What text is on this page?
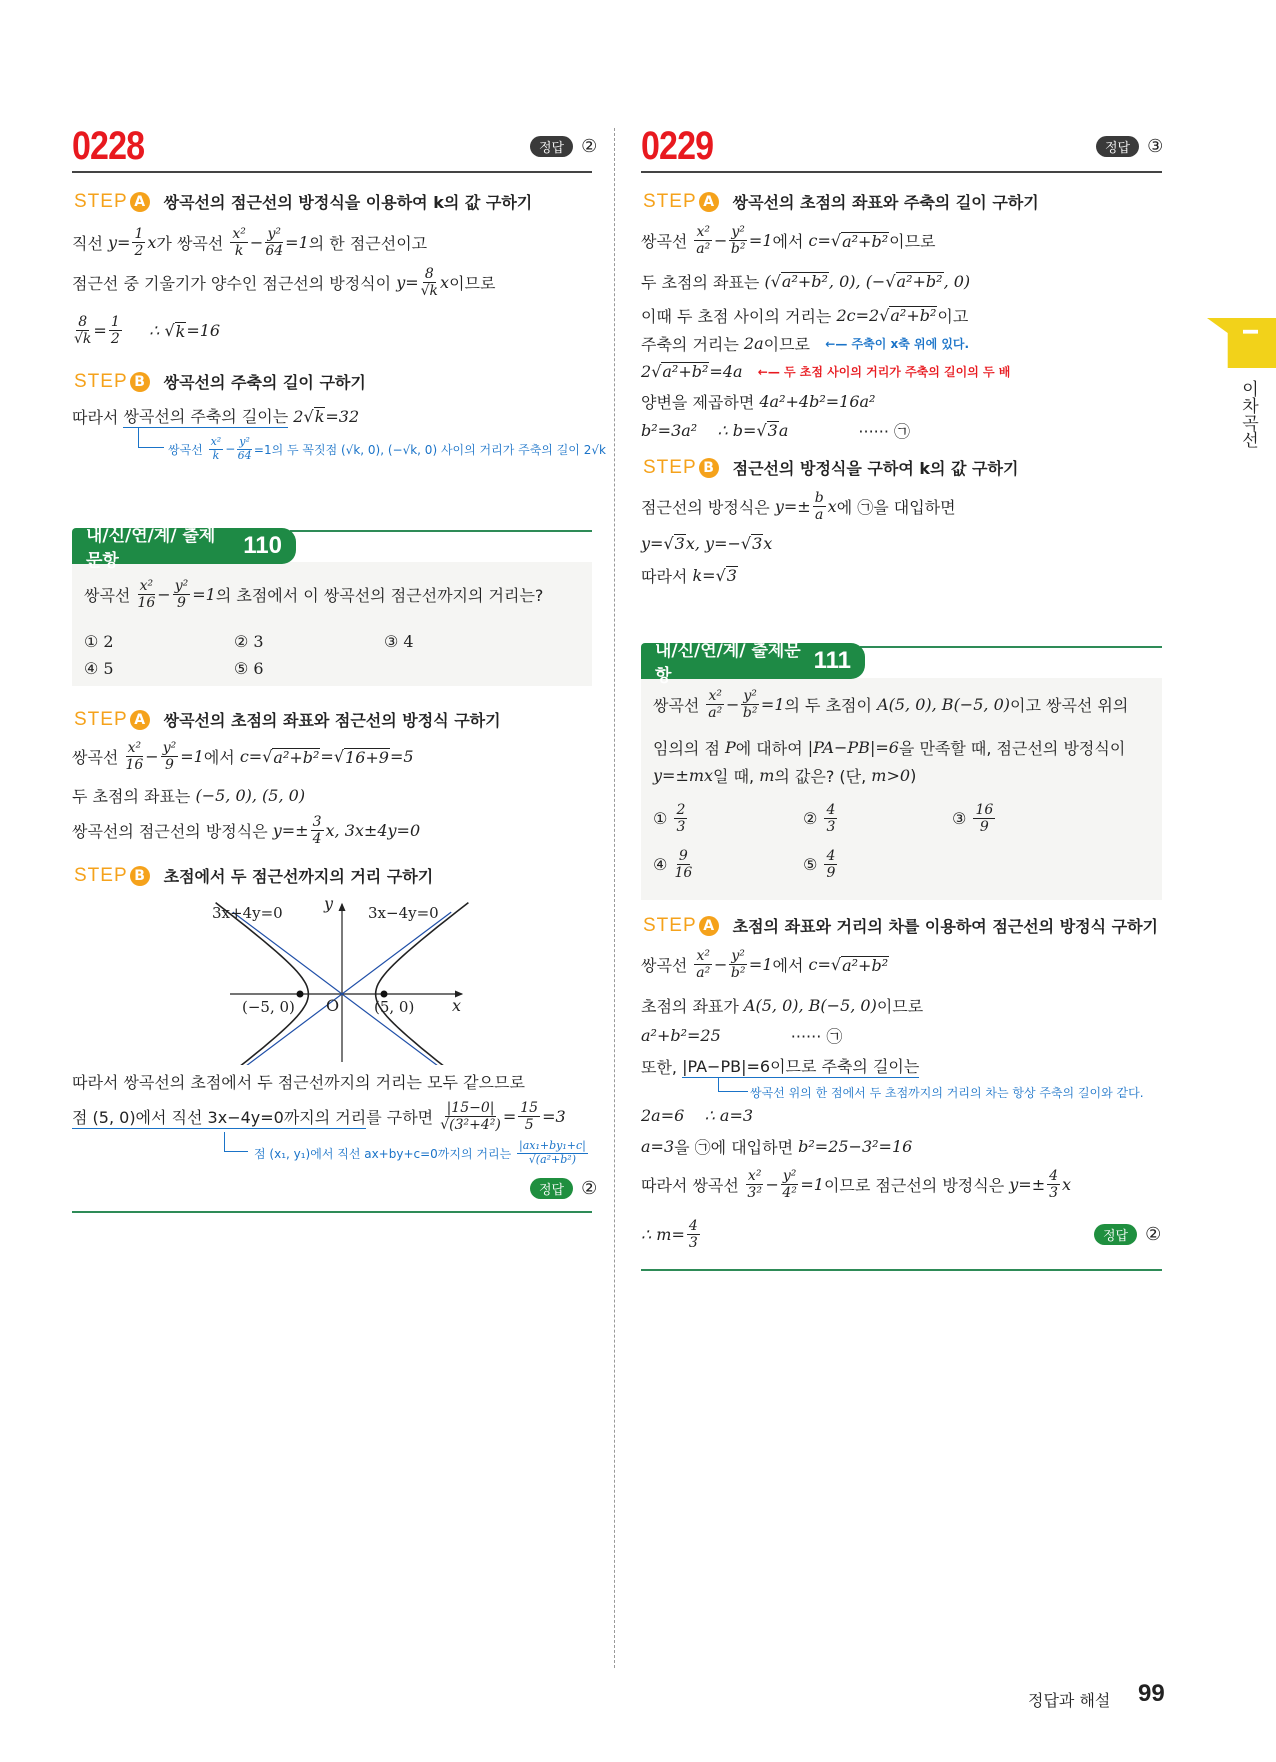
0228	정답 ②
STEP A 쌍곡선의 점근선의 방정식을 이용하여 k의 값 구하기
직선 $y= \frac{1}{2}$ x 가 쌍곡선 $\frac{\text{x²}}{k} - \frac{\text{y²}}{64} =1$ 의 한 점근선이고
점근선 중 기울기가 양수인 점근선의 방정식이 $y= \frac{8}{√k}$ x 이므로
$\frac{8}{√k} = \frac{1}{2}$ ∴ √ k =16
STEP B 쌍곡선의 주축의 길이 구하기
따라서 쌍곡선의 주축의 길이는
2 √ k =32
쌍곡선 $\frac{\text{x²}}{k} - \frac{\text{y²}}{64} =1$의 두 꼭짓점 (√k, 0), (−√k, 0) 사이의 거리가 주축의 길이 2√k
내/신/연/계/ 출제문항
110
쌍곡선 $\frac{\text{x²}}{16} - \frac{\text{y²}}{9} =1$ 의 초점에서 이 쌍곡선의 점근선까지의 거리는?
① 2	② 3	③ 4
④ 5	⑤ 6
STEP A 쌍곡선의 초점의 좌표와 점근선의 방정식 구하기
쌍곡선 $\frac{\text{x²}}{16} - \frac{\text{y²}}{9} =1$ 에서 c= √ a²+b² = √ 16+9 =5
두 초점의 좌표는 (−5, 0), (5, 0)
쌍곡선의 점근선의 방정식은 $y=\pm \frac{3}{4} x$, 3x±4y=0
STEP B 초점에서 두 점근선까지의 거리 구하기
3x+4y=0	3x−4y=0
y
x
O
(−5, 0)	(5, 0)
따라서 쌍곡선의 초점에서 두 점근선까지의 거리는 모두 같으므로
점 (5, 0)에서 직선 3x−4y=0까지의 거리 를 구하면 $\frac{|15-0|}{\text{√(3²+4²)}} = \frac{15}{5} =3$
점 (x₁, y₁)에서 직선 ax+by+c=0까지의 거리는 $\frac{\text{|ax₁+by₁+c|}}{\text{√(a²+b²)}}$
정답 ②
0229	정답 ③
STEP A 쌍곡선의 초점의 좌표와 주축의 길이 구하기
쌍곡선 $\frac{\text{x²}}{\text{a²}} - \frac{\text{y²}}{\text{b²}} =1$ 에서 c= √ a²+b² 이므로
두 초점의 좌표는 ( √ a²+b² , 0), (− √ a²+b² , 0)
이때 두 초점 사이의 거리는 2c=2 √ a²+b² 이고
주축의 거리는 2a 이므로 ←— 주축이 x축 위에 있다.
2 √ a²+b² =4a
←— 두 초점 사이의 거리가 주축의 길이의 두 배
양변을 제곱하면 4a²+4b²=16a²
b²=3a²    ∴ b= √ 3 a	······ ㉠
STEP B 점근선의 방정식을 구하여 k의 값 구하기
점근선의 방정식은 $y=\pm \frac{b}{a}$ x 에 ㉠을 대입하면
y= √ 3 x, y=− √ 3 x
따라서 k= √ 3
내/신/연/계/ 출제문항
111
쌍곡선 $\frac{\text{x²}}{\text{a²}} - \frac{\text{y²}}{\text{b²}} =1$ 의 두 초점이 A(5, 0), B(−5, 0) 이고 쌍곡선 위의
임의의 점 P 에 대하여 |PA−PB|=6 을 만족할 때, 점근선의 방정식이
y=±mx 일 때, m 의 값은? (단, m>0 )
① $\frac{2}{3}$	② $\frac{4}{3}$	③ $\frac{16}{9}$
④ $\frac{9}{16}$	⑤ $\frac{4}{9}$
STEP A 초점의 좌표와 거리의 차를 이용하여 점근선의 방정식 구하기
쌍곡선 $\frac{\text{x²}}{\text{a²}} - \frac{\text{y²}}{\text{b²}} =1$ 에서 c= √ a²+b²
초점의 좌표가 A(5, 0), B(−5, 0) 이므로
a²+b²=25	······ ㉠
또한, |PA−PB|=6이므로 주축의 길이는
쌍곡선 위의 한 점에서 두 초점까지의 거리의 차는 항상 주축의 길이와 같다.
2a=6    ∴ a=3
a=3 을 ㉠에 대입하면 b²=25−3²=16
따라서 쌍곡선 $\frac{\text{x²}}{\text{3²}} - \frac{\text{y²}}{\text{4²}} =1$ 이므로 점근선의 방정식은 $y=\pm \frac{4}{3}$ x
∴ $m= \frac{4}{3}$	정답 ②
I
이차곡선
정답과 해설 99
